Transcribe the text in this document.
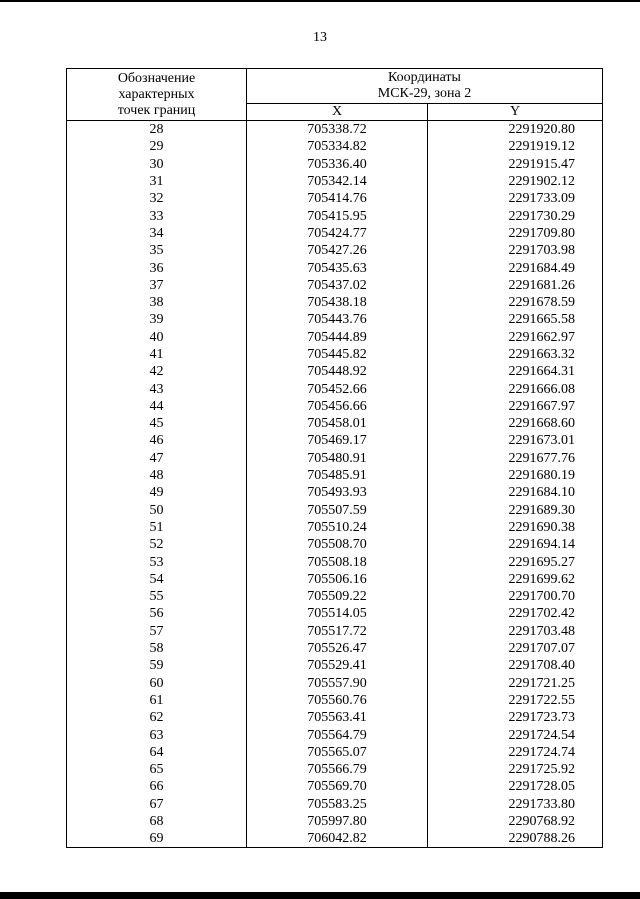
13
Обозначение
характерных
точек границ	Координаты
МСК-29, зона 2	

	X	Y
28	705338.72	2291920.80
29	705334.82	2291919.12
30	705336.40	2291915.47
31	705342.14	2291902.12
32	705414.76	2291733.09
33	705415.95	2291730.29
34	705424.77	2291709.80
35	705427.26	2291703.98
36	705435.63	2291684.49
37	705437.02	2291681.26
38	705438.18	2291678.59
39	705443.76	2291665.58
40	705444.89	2291662.97
41	705445.82	2291663.32
42	705448.92	2291664.31
43	705452.66	2291666.08
44	705456.66	2291667.97
45	705458.01	2291668.60
46	705469.17	2291673.01
47	705480.91	2291677.76
48	705485.91	2291680.19
49	705493.93	2291684.10
50	705507.59	2291689.30
51	705510.24	2291690.38
52	705508.70	2291694.14
53	705508.18	2291695.27
54	705506.16	2291699.62
55	705509.22	2291700.70
56	705514.05	2291702.42
57	705517.72	2291703.48
58	705526.47	2291707.07
59	705529.41	2291708.40
60	705557.90	2291721.25
61	705560.76	2291722.55
62	705563.41	2291723.73
63	705564.79	2291724.54
64	705565.07	2291724.74
65	705566.79	2291725.92
66	705569.70	2291728.05
67	705583.25	2291733.80
68	705997.80	2290768.92
69	706042.82	2290788.26
